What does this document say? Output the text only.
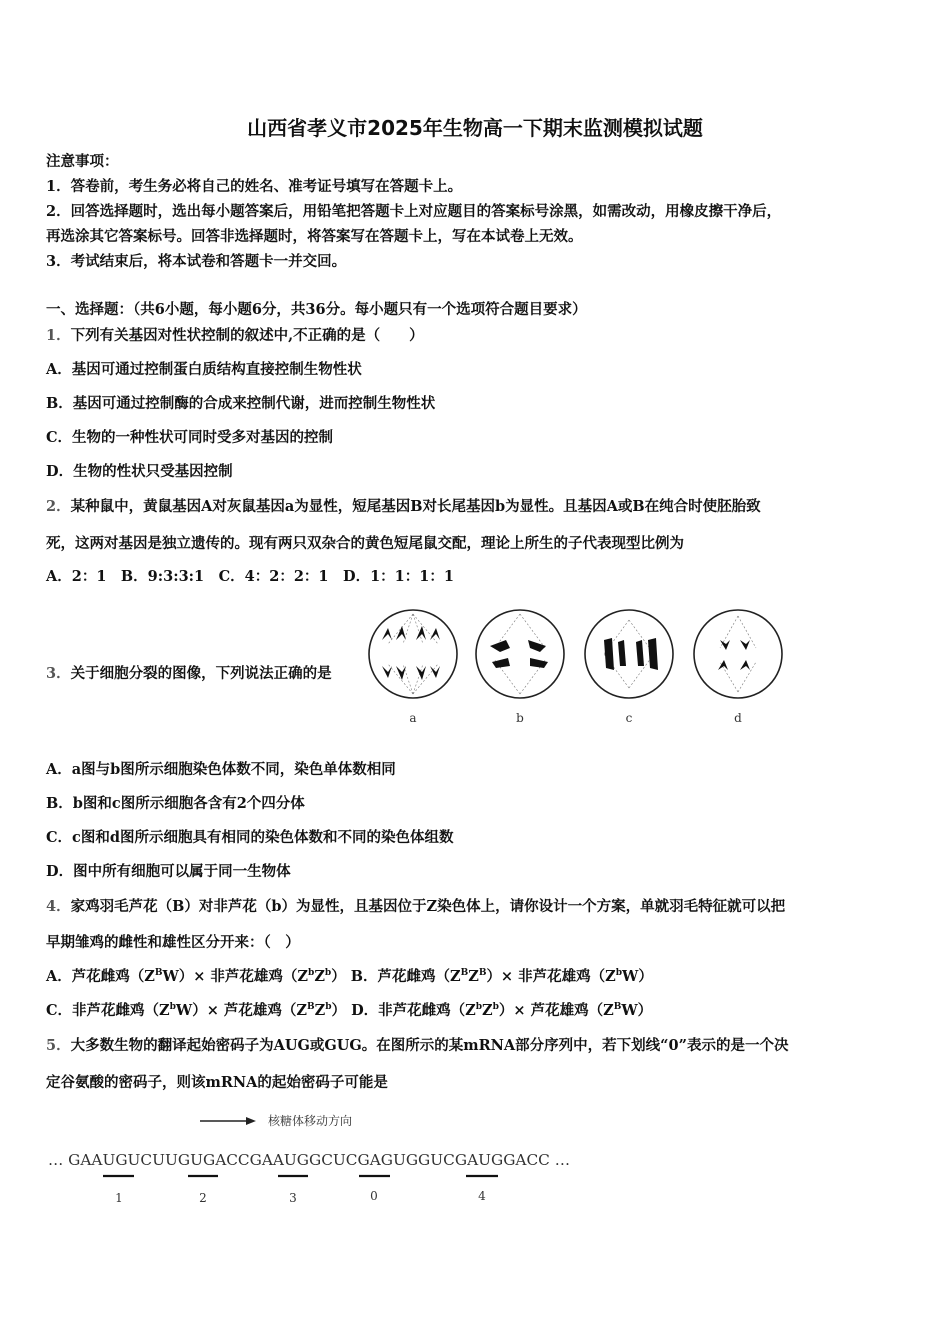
山西省孝义市2025年生物高一下期末监测模拟试题
注意事项：
1．答卷前，考生务必将自己的姓名、准考证号填写在答题卡上。
2．回答选择题时，选出每小题答案后，用铅笔把答题卡上对应题目的答案标号涂黑，如需改动，用橡皮擦干净后，
再选涂其它答案标号。回答非选择题时，将答案写在答题卡上，写在本试卷上无效。
3．考试结束后，将本试卷和答题卡一并交回。
一、选择题：（共6小题，每小题6分，共36分。每小题只有一个选项符合题目要求）
1．下列有关基因对性状控制的叙述中,不正确的是（　　）
A．基因可通过控制蛋白质结构直接控制生物性状
B．基因可通过控制酶的合成来控制代谢，进而控制生物性状
C．生物的一种性状可同时受多对基因的控制
D．生物的性状只受基因控制
2．某种鼠中，黄鼠基因A对灰鼠基因a为显性，短尾基因B对长尾基因b为显性。且基因A或B在纯合时使胚胎致
死，这两对基因是独立遗传的。现有两只双杂合的黄色短尾鼠交配，理论上所生的子代表现型比例为
A．2：1　B．9:3:3:1　C．4：2：2：1　D．1：1：1：1
3．关于细胞分裂的图像，下列说法正确的是
a	b	c	d
A．a图与b图所示细胞染色体数不同，染色单体数相同
B．b图和c图所示细胞各含有2个四分体
C．c图和d图所示细胞具有相同的染色体数和不同的染色体组数
D．图中所有细胞可以属于同一生物体
4．家鸡羽毛芦花（B）对非芦花（b）为显性，且基因位于Z染色体上，请你设计一个方案，单就羽毛特征就可以把
早期雏鸡的雌性和雄性区分开来：（　）
A．芦花雌鸡$(Z^BW)\times$ 非芦花雄鸡$(Z^bZ^b)$ B．芦花雌鸡$(Z^BZ^B)\times$ 非芦花雄鸡$(Z^bW)$
C．非芦花雌鸡$(Z^bW)\times$ 芦花雄鸡$(Z^BZ^b)$ D．非芦花雌鸡$(Z^bZ^b)\times$ 芦花雄鸡$(Z^BW)$
5．大多数生物的翻译起始密码子为AUG或GUG。在图所示的某mRNA部分序列中，若下划线“0”表示的是一个决
定谷氨酸的密码子，则该mRNA的起始密码子可能是
核糖体移动方向
… GAAUGUCUUGUGACCGAAUGGCUCGAGUGGUCGAUGGACC …
1	2	3	0	4
